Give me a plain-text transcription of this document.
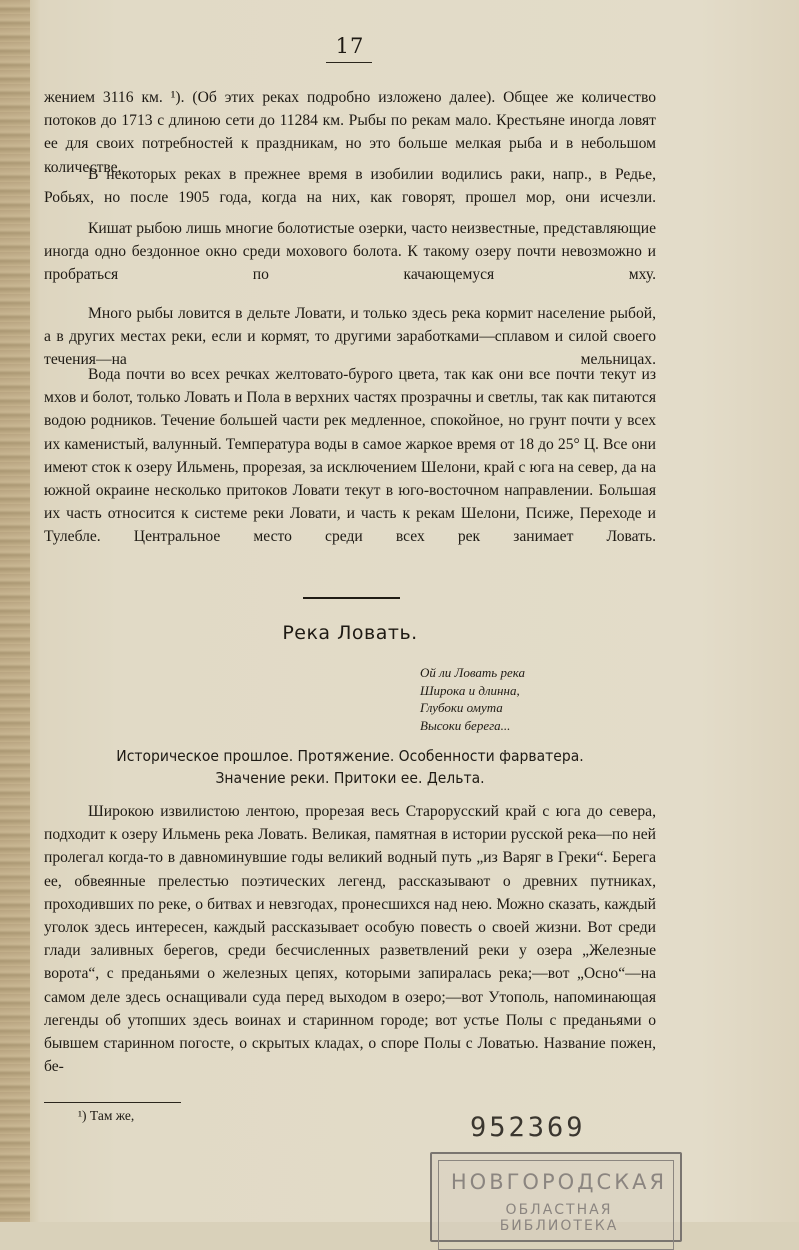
17

жением 3116 км. ¹). (Об этих реках подробно изложено далее). Общее же количество потоков до 1713 с длиною сети до 11284 км. Рыбы по рекам мало. Крестьяне иногда ловят ее для своих потребностей к праздникам, но это больше мелкая рыба и в небольшом количестве.

В некоторых реках в прежнее время в изобилии водились раки, напр., в Редье, Робьях, но после 1905 года, когда на них, как говорят, прошел мор, они исчезли.

Кишат рыбою лишь многие болотистые озерки, часто неизвестные, представляющие иногда одно бездонное окно среди мохового болота. К такому озеру почти невозможно и пробраться по качающемуся мху.

Много рыбы ловится в дельте Ловати, и только здесь река кормит население рыбой, а в других местах реки, если и кормят, то другими заработками—сплавом и силой своего течения—на мельницах.

Вода почти во всех речках желтовато-бурого цвета, так как они все почти текут из мхов и болот, только Ловать и Пола в верхних частях прозрачны и светлы, так как питаются водою родников. Течение большей части рек медленное, спокойное, но грунт почти у всех их каменистый, валунный. Температура воды в самое жаркое время от 18 до 25° Ц. Все они имеют сток к озеру Ильмень, прорезая, за исключением Шелони, край с юга на север, да на южной окраине несколько притоков Ловати текут в юго-восточном направлении. Большая их часть относится к системе реки Ловати, и часть к рекам Шелони, Псиже, Переходе и Тулебле. Центральное место среди всех рек занимает Ловать.

Река Ловать.
Ой ли Ловать река
Широка и длинна,
Глубоки омута
Высоки берега...
Историческое прошлое. Протяжение. Особенности фарватера.
Значение реки. Притоки ее. Дельта.

Широкою извилистою лентою, прорезая весь Старорусский край с юга до севера, подходит к озеру Ильмень река Ловать. Великая, памятная в истории русской река—по ней пролегал когда-то в давноминувшие годы великий водный путь „из Варяг в Греки“. Берега ее, обвеянные прелестью поэтических легенд, рассказывают о древних путниках, проходивших по реке, о битвах и невзгодах, пронесшихся над нею. Можно сказать, каждый уголок здесь интересен, каждый рассказывает особую повесть о своей жизни. Вот среди глади заливных берегов, среди бесчисленных разветвлений реки у озера „Железные ворота“, с преданьями о железных цепях, которыми запиралась река;—вот „Осно“—на самом деле здесь оснащивали суда перед выходом в озеро;—вот Утополь, напоминающая легенды об утопших здесь воинах и старинном городе; вот устье Полы с преданьями о бывшем старинном погосте, о скрытых кладах, о споре Полы с Ловатью. Название пожен, бе-

¹) Там же,	952369
НОВГОРОДСКАЯ
ОБЛАСТНАЯ БИБЛИОТЕКА
